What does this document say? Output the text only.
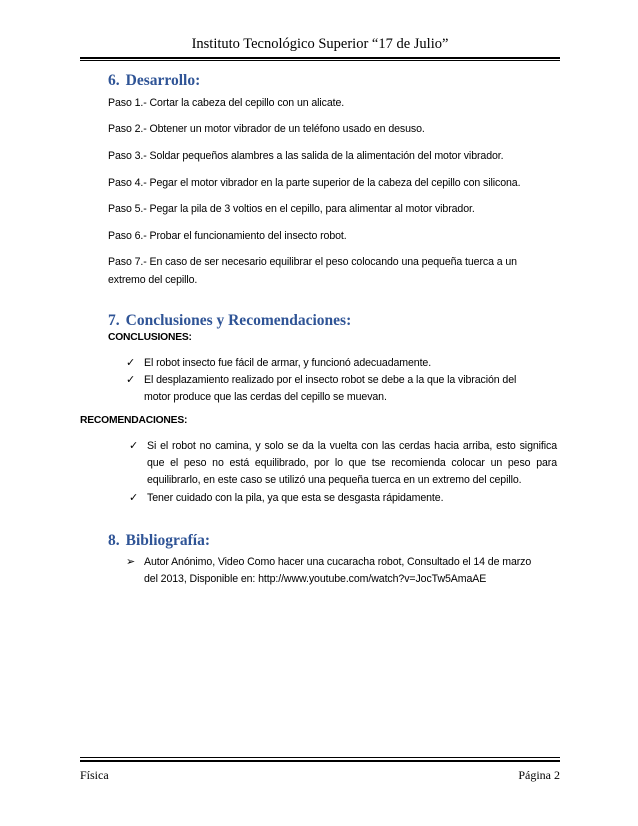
Instituto Tecnológico Superior “17 de Julio”
6. Desarrollo:
Paso 1.- Cortar la cabeza del cepillo con un alicate.
Paso 2.- Obtener un motor vibrador de un teléfono usado en desuso.
Paso 3.- Soldar pequeños alambres a las salida de la alimentación del motor vibrador.
Paso 4.- Pegar el motor vibrador en la parte superior de la cabeza del cepillo con silicona.
Paso 5.- Pegar la pila de 3 voltios en el cepillo, para alimentar al motor vibrador.
Paso 6.- Probar el funcionamiento del insecto robot.
Paso 7.- En caso de ser necesario equilibrar el peso colocando una pequeña tuerca a un extremo del cepillo.
7. Conclusiones y Recomendaciones:
CONCLUSIONES:
✓ El robot insecto fue fácil de armar, y funcionó adecuadamente.
✓ El desplazamiento realizado por el insecto robot se debe a la que la vibración del motor produce que las cerdas del cepillo se muevan.
RECOMENDACIONES:
✓ Si el robot no camina, y solo se da la vuelta con las cerdas hacia arriba, esto significa que el peso no está equilibrado, por lo que tse recomienda colocar un peso para equilibrarlo, en este caso se utilizó una pequeña tuerca en un extremo del cepillo.
✓ Tener cuidado con la pila, ya que esta se desgasta rápidamente.
8. Bibliografía:
➢ Autor Anónimo, Video Como hacer una cucaracha robot, Consultado el 14 de marzo del 2013, Disponible en: http://www.youtube.com/watch?v=JocTw5AmaAE
Física	Página 2
